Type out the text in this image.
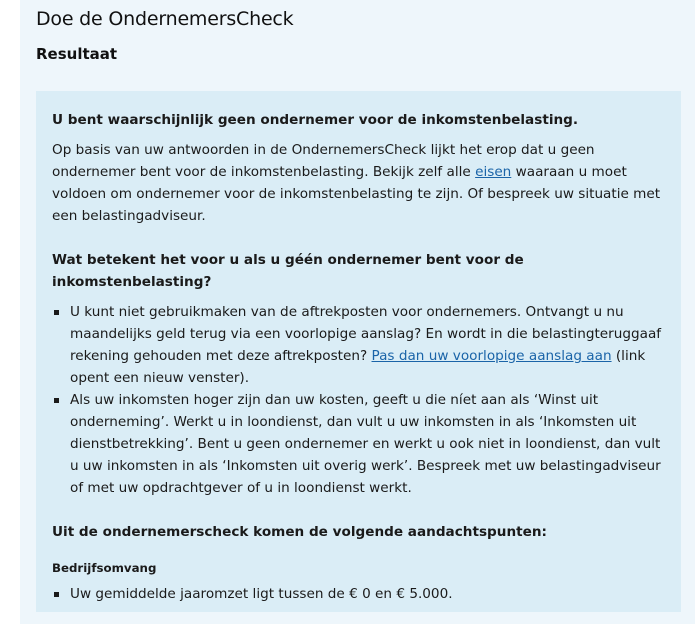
Doe de OndernemersCheck
Resultaat

U bent waarschijnlijk geen ondernemer voor de inkomstenbelasting.

Op basis van uw antwoorden in de OndernemersCheck lijkt het erop dat u geen ondernemer bent voor de inkomstenbelasting. Bekijk zelf alle eisen waaraan u moet voldoen om ondernemer voor de inkomstenbelasting te zijn. Of bespreek uw situatie met een belastingadviseur.

Wat betekent het voor u als u géén ondernemer bent voor de inkomstenbelasting?

U kunt niet gebruikmaken van de aftrekposten voor ondernemers. Ontvangt u nu maandelijks geld terug via een voorlopige aanslag? En wordt in die belastingteruggaaf rekening gehouden met deze aftrekposten? Pas dan uw voorlopige aanslag aan (link opent een nieuw venster).
Als uw inkomsten hoger zijn dan uw kosten, geeft u die níet aan als ‘Winst uit onderneming’. Werkt u in loondienst, dan vult u uw inkomsten in als ‘Inkomsten uit dienstbetrekking’. Bent u geen ondernemer en werkt u ook niet in loondienst, dan vult u uw inkomsten in als ‘Inkomsten uit overig werk’. Bespreek met uw belastingadviseur of met uw opdrachtgever of u in loondienst werkt.

Uit de ondernemerscheck komen de volgende aandachtspunten:

Bedrijfsomvang

Uw gemiddelde jaaromzet ligt tussen de € 0 en € 5.000.
